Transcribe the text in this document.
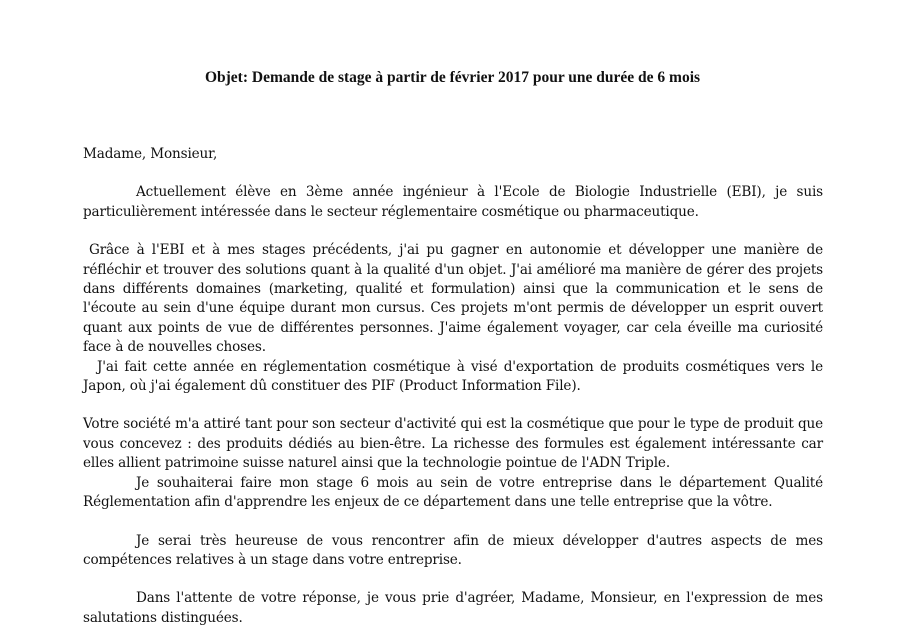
Objet: Demande de stage à partir de février 2017 pour une durée de 6 mois

Madame, Monsieur,

Actuellement élève en 3ème année ingénieur à l'Ecole de Biologie Industrielle (EBI), je suis particulièrement intéressée dans le secteur réglementaire cosmétique ou pharmaceutique.

Grâce à l'EBI et à mes stages précédents, j'ai pu gagner en autonomie et développer une manière de réfléchir et trouver des solutions quant à la qualité d'un objet. J'ai amélioré ma manière de gérer des projets dans différents domaines (marketing, qualité et formulation) ainsi que la communication et le sens de l'écoute au sein d'une équipe durant mon cursus. Ces projets m'ont permis de développer un esprit ouvert quant aux points de vue de différentes personnes. J'aime également voyager, car cela éveille ma curiosité face à de nouvelles choses.

J'ai fait cette année en réglementation cosmétique à visé d'exportation de produits cosmétiques vers le Japon, où j'ai également dû constituer des PIF (Product Information File).

Votre société m'a attiré tant pour son secteur d'activité qui est la cosmétique que pour le type de produit que vous concevez : des produits dédiés au bien-être. La richesse des formules est également intéressante car elles allient patrimoine suisse naturel ainsi que la technologie pointue de l'ADN Triple.

Je souhaiterai faire mon stage 6 mois au sein de votre entreprise dans le département Qualité Réglementation afin d'apprendre les enjeux de ce département dans une telle entreprise que la vôtre.

Je serai très heureuse de vous rencontrer afin de mieux développer d'autres aspects de mes compétences relatives à un stage dans votre entreprise.

Dans l'attente de votre réponse, je vous prie d'agréer, Madame, Monsieur, en l'expression de mes salutations distinguées.
